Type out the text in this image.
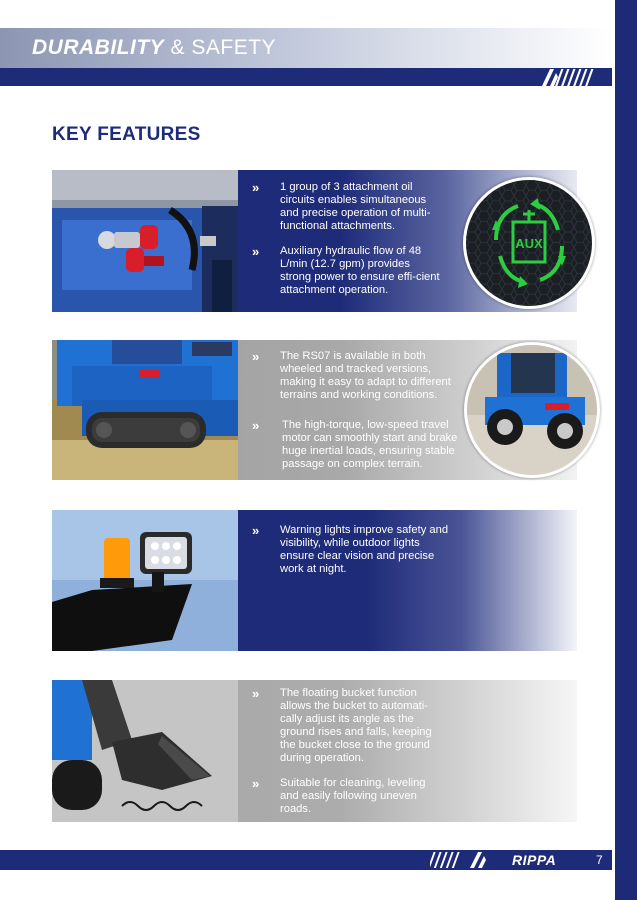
DURABILITY & SAFETY
KEY FEATURES
» 1 group of 3 attachment oil circuits enables simultaneous and precise operation of multi-functional attachments.
» Auxiliary hydraulic flow of 48 L/min (12.7 gpm) provides strong power to ensure effi-cient attachment operation.
AUX
» The RS07 is available in both wheeled and tracked versions, making it easy to adapt to different terrains and working conditions.
» The high-torque, low-speed travel motor can smoothly start and brake huge inertial loads, ensuring stable passage on complex terrain.
» Warning lights improve safety and visibility, while outdoor lights ensure clear vision and precise work at night.
» The floating bucket function allows the bucket to automati-cally adjust its angle as the ground rises and falls, keeping the bucket close to the ground during operation.
» Suitable for cleaning, leveling and easily following uneven roads.
RIPPA	7
